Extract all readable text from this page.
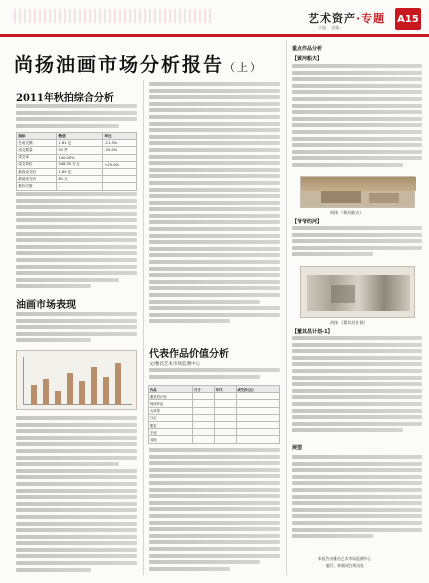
艺术资产·专题 A15
主编： 责编：
尚扬油画市场分析报告（上）
2011年秋拍综合分析
指标	数值	环比
总成交额	1.81 亿	-11.3%
成交数量	52 件	-20.0%
成交率	100.00%	
成交均价	348.35 万元	+25.0%
最高成交价	1.65 亿	
最低成交价	81 万	
推价次数	-	
油画市场表现
代表作品价值分析
文/雅昌艺术市场监测中心
作品	尺寸	年代	成交价(元)
董其昌计划			
尚扬作品			
大风景			
日记			
册页			
手迹			
其他			
重点作品分析
【黄河船夫】
尚扬 《黄河船夫》
【爷爷的河】
尚扬 《董其昌计划》
【董其昌计划-1】
展望
本报告由雅昌艺术市场监测中心
编写，转载请注明出处
